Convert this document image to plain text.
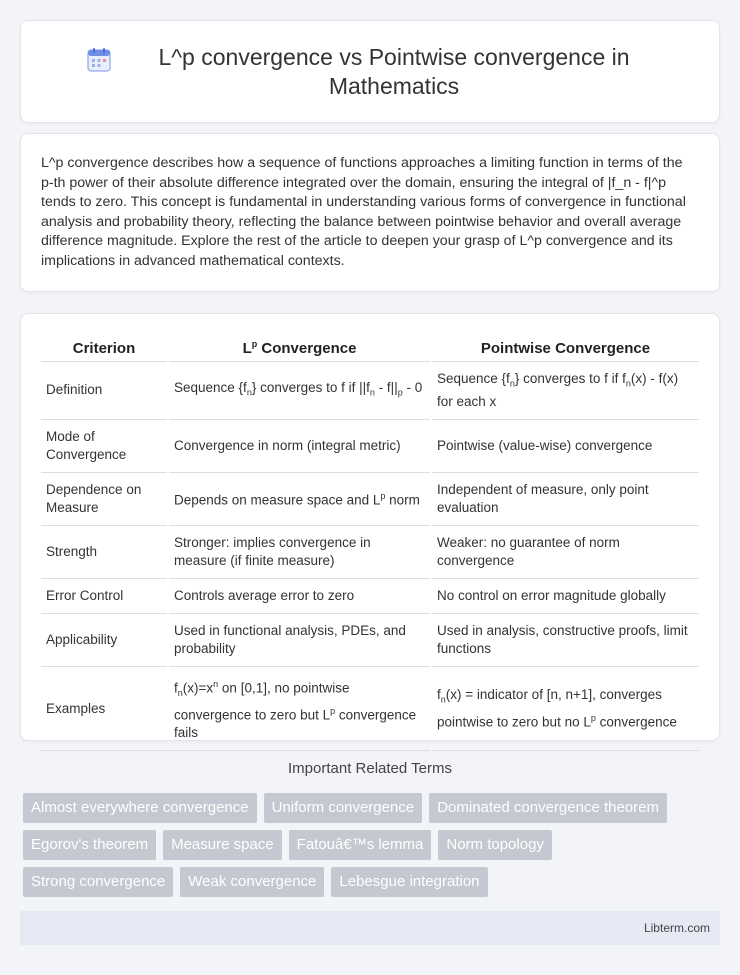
L^p convergence vs Pointwise convergence in Mathematics

L^p convergence describes how a sequence of functions approaches a limiting function in terms of the p-th power of their absolute difference integrated over the domain, ensuring the integral of |f_n - f|^p tends to zero. This concept is fundamental in understanding various forms of convergence in functional analysis and probability theory, reflecting the balance between pointwise behavior and overall average difference magnitude. Explore the rest of the article to deepen your grasp of L^p convergence and its implications in advanced mathematical contexts.

Criterion	$L^p$ Convergence	Pointwise Convergence
Definition	Sequence $\{f_n\}$ converges to f if $||f_n - f||_p - 0$	Sequence $\{f_n\}$ converges to f if $f_n(x) - f(x)$ for each x
Mode of Convergence	Convergence in norm (integral metric)	Pointwise (value-wise) convergence
Dependence on Measure	Depends on measure space and $L^p$ norm	Independent of measure, only point evaluation
Strength	Stronger: implies convergence in measure (if finite measure)	Weaker: no guarantee of norm convergence
Error Control	Controls average error to zero	No control on error magnitude globally
Applicability	Used in functional analysis, PDEs, and probability	Used in analysis, constructive proofs, limit functions
Examples	$f_n(x)=x^n$ on [0,1], no pointwise convergence to zero but $L^p$ convergence fails	$f_n(x)$ = indicator of [n, n+1], converges pointwise to zero but no $L^p$ convergence
Important Related Terms
Almost everywhere convergence	Uniform convergence	Dominated convergence theorem
Egorov's theorem	Measure space	Fatouâ€™s lemma	Norm topology
Strong convergence	Weak convergence	Lebesgue integration
Libterm.com
